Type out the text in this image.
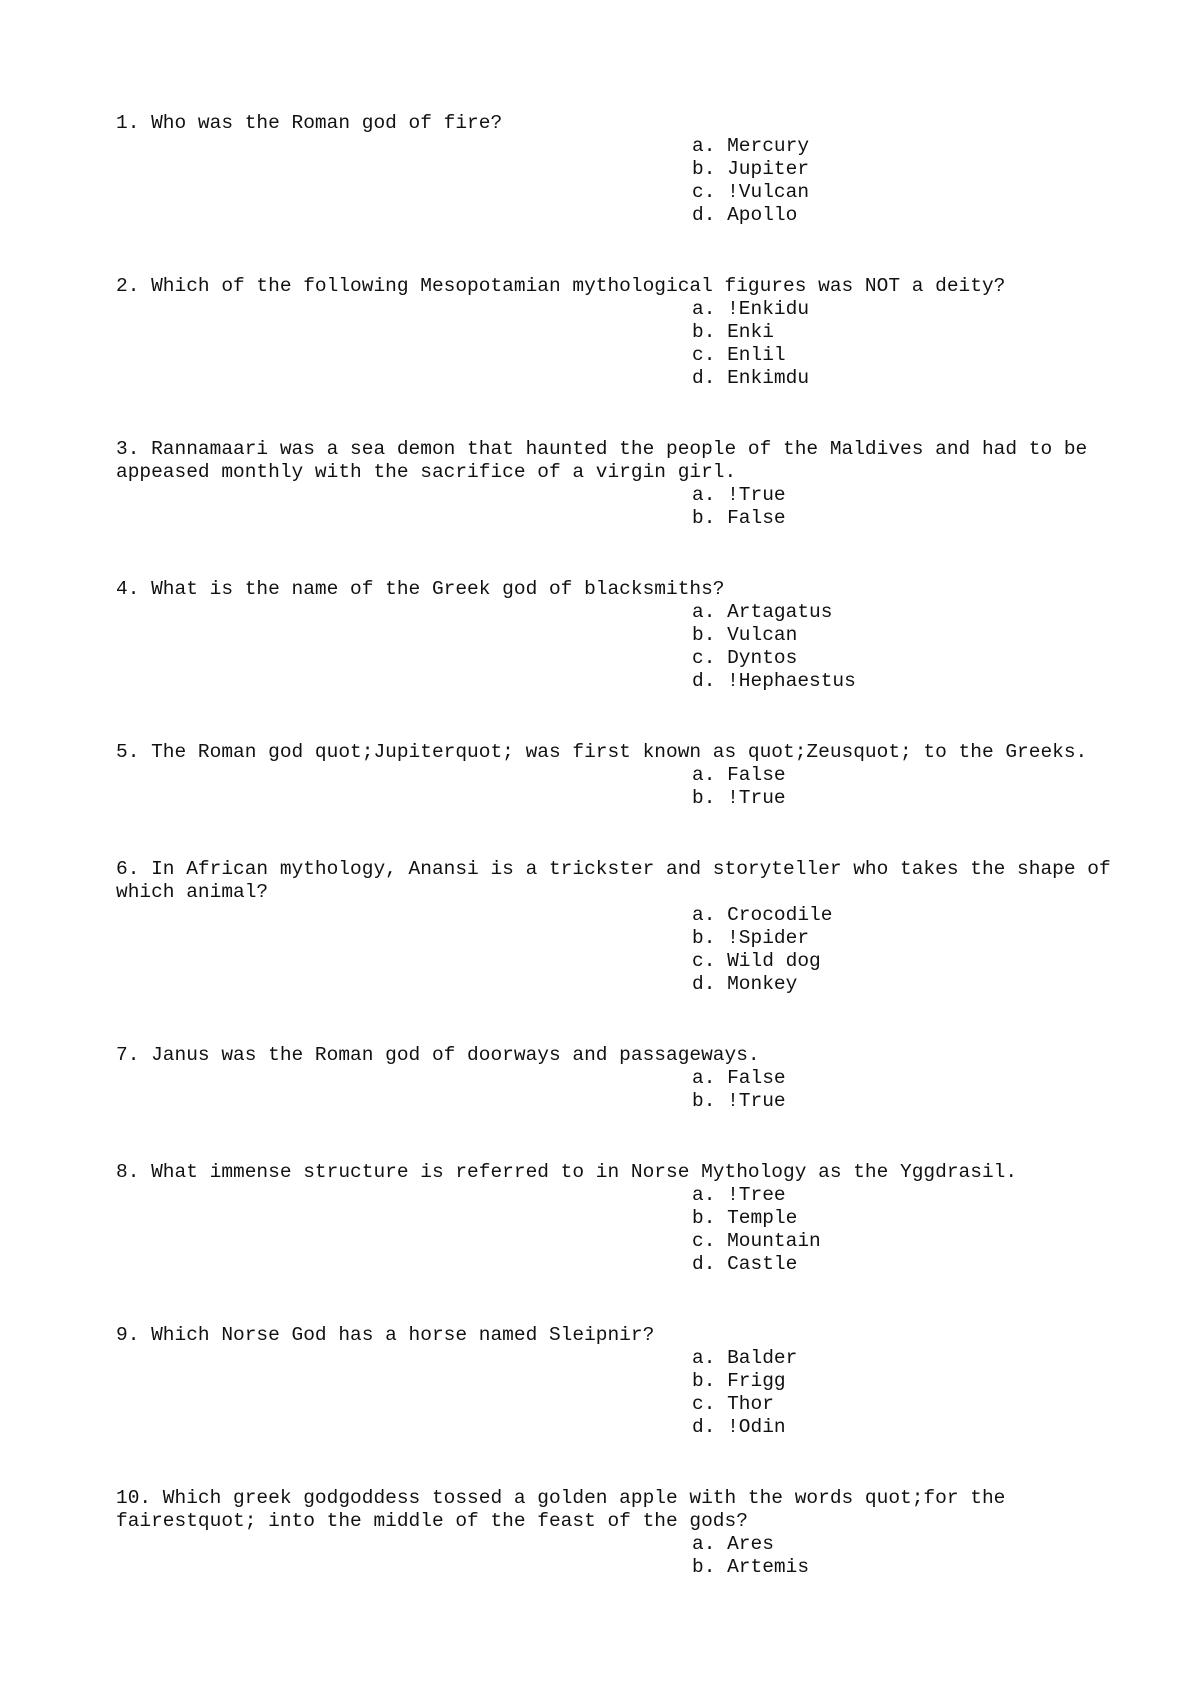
1. Who was the Roman god of fire?

a. Mercury
b. Jupiter
c. !Vulcan
d. Apollo

2. Which of the following Mesopotamian mythological figures was NOT a deity?

a. !Enkidu
b. Enki
c. Enlil
d. Enkimdu

3. Rannamaari was a sea demon that haunted the people of the Maldives and had to be appeased monthly with the sacrifice of a virgin girl.

a. !True
b. False

4. What is the name of the Greek god of blacksmiths?

a. Artagatus
b. Vulcan
c. Dyntos
d. !Hephaestus

5. The Roman god quot;Jupiterquot; was first known as quot;Zeusquot; to the Greeks.

a. False
b. !True

6. In African mythology, Anansi is a trickster and storyteller who takes the shape of which animal?

a. Crocodile
b. !Spider
c. Wild dog
d. Monkey

7. Janus was the Roman god of doorways and passageways.

a. False
b. !True

8. What immense structure is referred to in Norse Mythology as the Yggdrasil.

a. !Tree
b. Temple
c. Mountain
d. Castle

9. Which Norse God has a horse named Sleipnir?

a. Balder
b. Frigg
c. Thor
d. !Odin

10. Which greek godgoddess tossed a golden apple with the words quot;for the fairestquot; into the middle of the feast of the gods?

a. Ares
b. Artemis
